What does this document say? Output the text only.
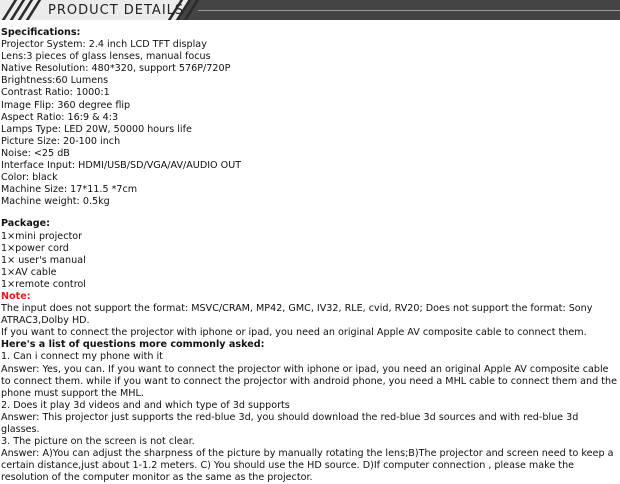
PRODUCT DETAILS
Specifications:
Projector System: 2.4 inch LCD TFT display
Lens:3 pieces of glass lenses, manual focus
Native Resolution: 480*320, support 576P/720P
Brightness:60 Lumens
Contrast Ratio: 1000:1
Image Flip: 360 degree flip
Aspect Ratio: 16:9 & 4:3
Lamps Type: LED 20W, 50000 hours life
Picture Size: 20-100 inch
Noise: <25 dB
Interface Input: HDMI/USB/SD/VGA/AV/AUDIO OUT
Color: black
Machine Size: 17*11.5 *7cm
Machine weight: 0.5kg
Package:
1×mini projector
1×power cord
1× user's manual
1×AV cable
1×remote control
Note:
The input does not support the format: MSVC/CRAM, MP42, GMC, IV32, RLE, cvid, RV20; Does not support the format: Sony ATRAC3,Dolby HD.
If you want to connect the projector with iphone or ipad, you need an original Apple AV composite cable to connect them.
Here's a list of questions more commonly asked:
1. Can i connect my phone with it
Answer: Yes, you can. If you want to connect the projector with iphone or ipad, you need an original Apple AV composite cable to connect them. while if you want to connect the projector with android phone, you need a MHL cable to connect them and the phone must support the MHL.
2. Does it play 3d videos and and which type of 3d supports
Answer: This projector just supports the red-blue 3d, you should download the red-blue 3d sources and with red-blue 3d glasses.
3. The picture on the screen is not clear.
Answer: A)You can adjust the sharpness of the picture by manually rotating the lens;B)The projector and screen need to keep a certain distance,just about 1-1.2 meters. C) You should use the HD source. D)If computer connection , please make the resolution of the computer monitor as the same as the projector.
